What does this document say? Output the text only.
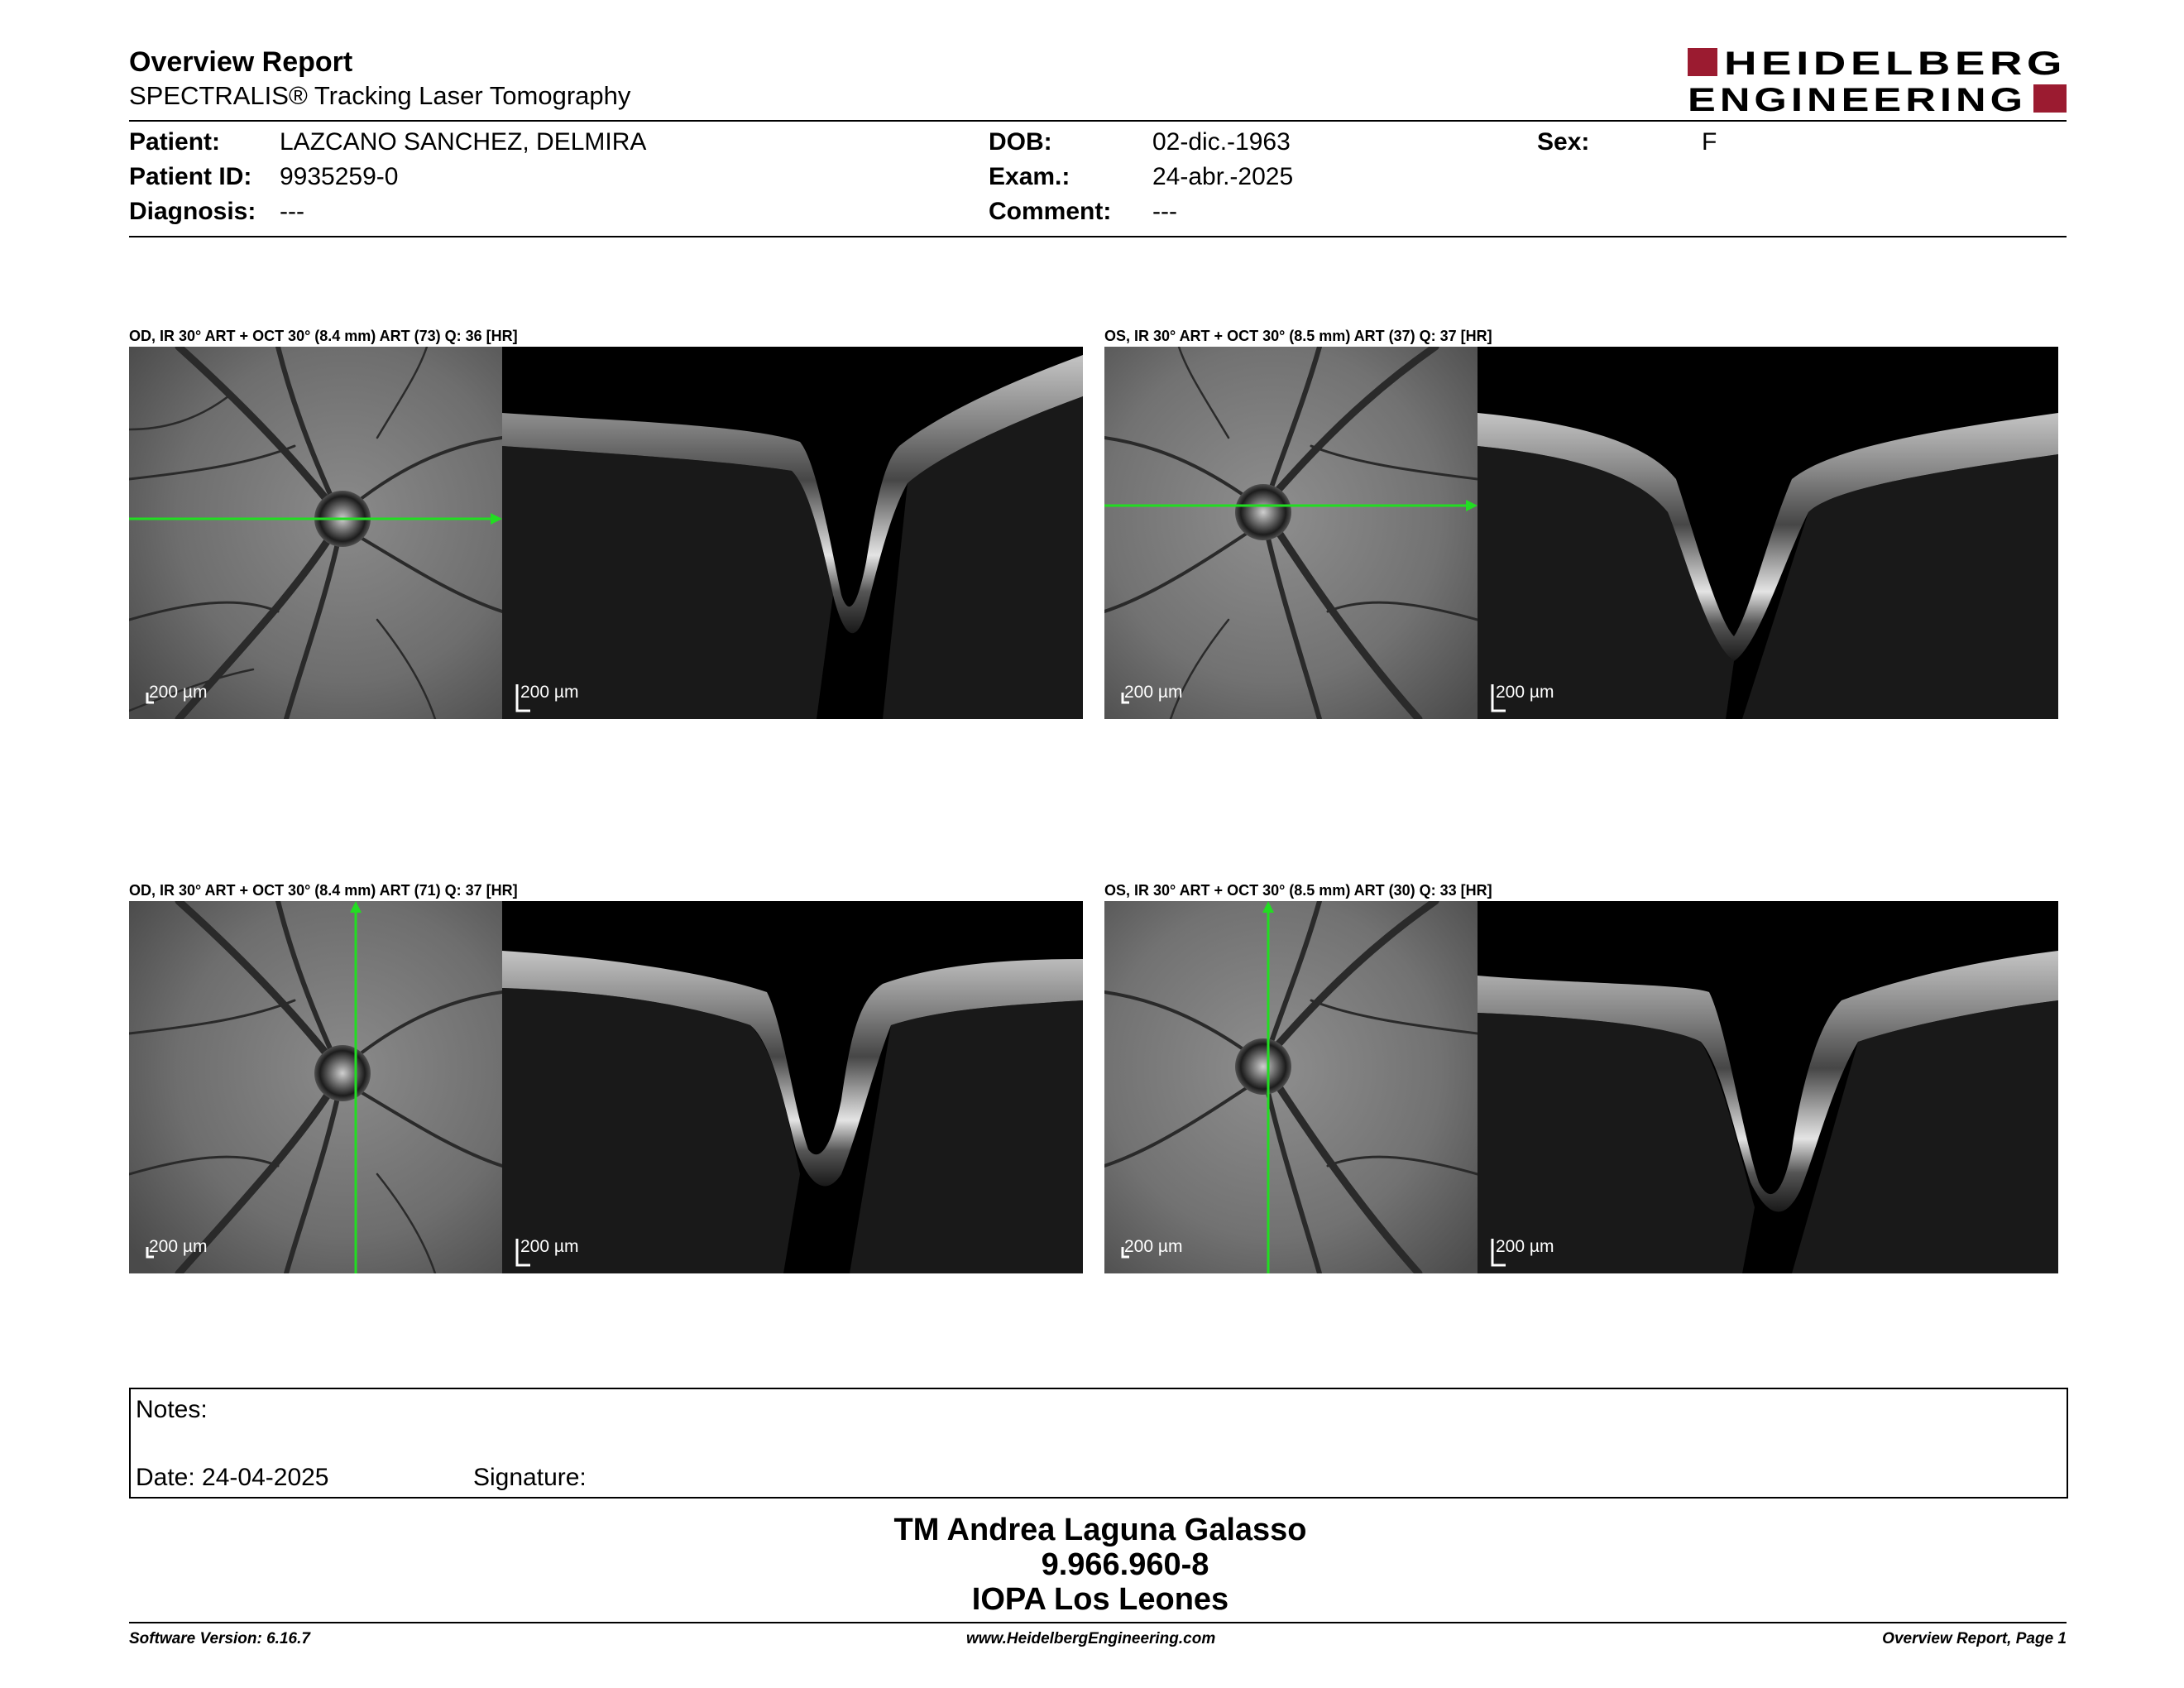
Overview Report
SPECTRALIS® Tracking Laser Tomography
HEIDELBERG
ENGINEERING
Patient: LAZCANO SANCHEZ, DELMIRA
Patient ID: 9935259-0
Diagnosis: ---
DOB:	02-dic.-1963
Exam.:	24-abr.-2025
Comment: ---
Sex:	F
OD, IR 30° ART + OCT 30° (8.4 mm) ART (73) Q: 36 [HR]	OS, IR 30° ART + OCT 30° (8.5 mm) ART (37) Q: 37 [HR]
OD, IR 30° ART + OCT 30° (8.4 mm) ART (71) Q: 37 [HR]	OS, IR 30° ART + OCT 30° (8.5 mm) ART (30) Q: 33 [HR]
200 µm	200 µm	200 µm	200 µm
200 µm	200 µm	200 µm	200 µm
Notes:
Date: 24-04-2025	Signature:
TM Andrea Laguna Galasso
9.966.960-8
IOPA Los Leones
Software Version: 6.16.7	www.HeidelbergEngineering.com	Overview Report, Page 1
